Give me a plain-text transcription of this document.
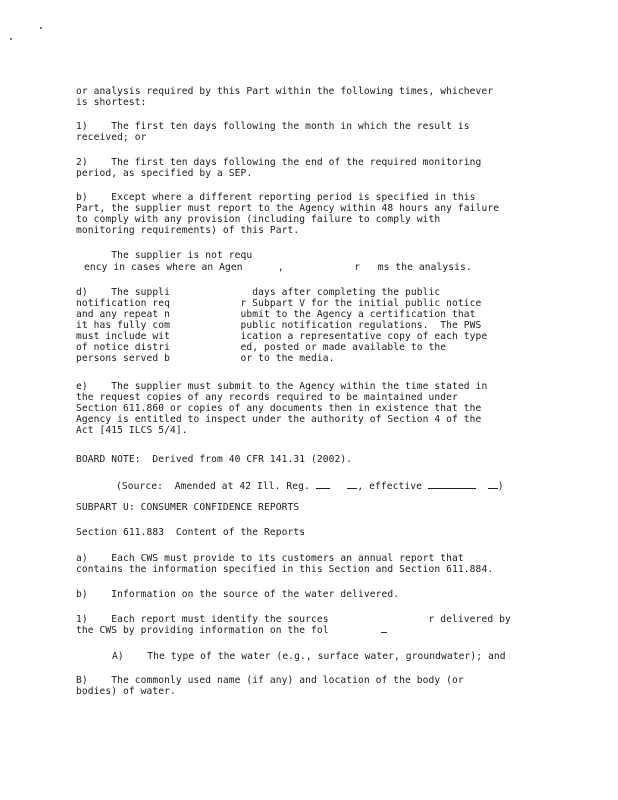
or analysis required by this Part within the following times, whichever
is shortest:
1)    The first ten days following the month in which the result is
received; or
2)    The first ten days following the end of the required monitoring
period, as specified by a SEP.
b)    Except where a different reporting period is specified in this
Part, the supplier must report to the Agency within 48 hours any failure
to comply with any provision (including failure to comply with
monitoring requirements) of this Part.
The supplier is not requ
ency in cases where an Agen      ,            r   ms the analysis.
d)    The suppli              days after completing the public
notification req            r Subpart V for the initial public notice
and any repeat n            ubmit to the Agency a certification that
it has fully com            public notification regulations.  The PWS
must include wit            ication a representative copy of each type
of notice distri            ed, posted or made available to the
persons served b            or to the media.
e)    The supplier must submit to the Agency within the time stated in
the request copies of any records required to be maintained under
Section 611.860 or copies of any documents then in existence that the
Agency is entitled to inspect under the authority of Section 4 of the
Act [415 ILCS 5/4].
BOARD NOTE:  Derived from 40 CFR 141.31 (2002).
(Source:  Amended at 42 Ill. Reg.	, effective	)
SUBPART U: CONSUMER CONFIDENCE REPORTS
Section 611.883  Content of the Reports
a)    Each CWS must provide to its customers an annual report that
contains the information specified in this Section and Section 611.884.
b)    Information on the source of the water delivered.
1)    Each report must identify the sources                 r delivered by
the CWS by providing information on the fol
A)    The type of the water (e.g., surface water, groundwater); and
B)    The commonly used name (if any) and location of the body (or
bodies) of water.
